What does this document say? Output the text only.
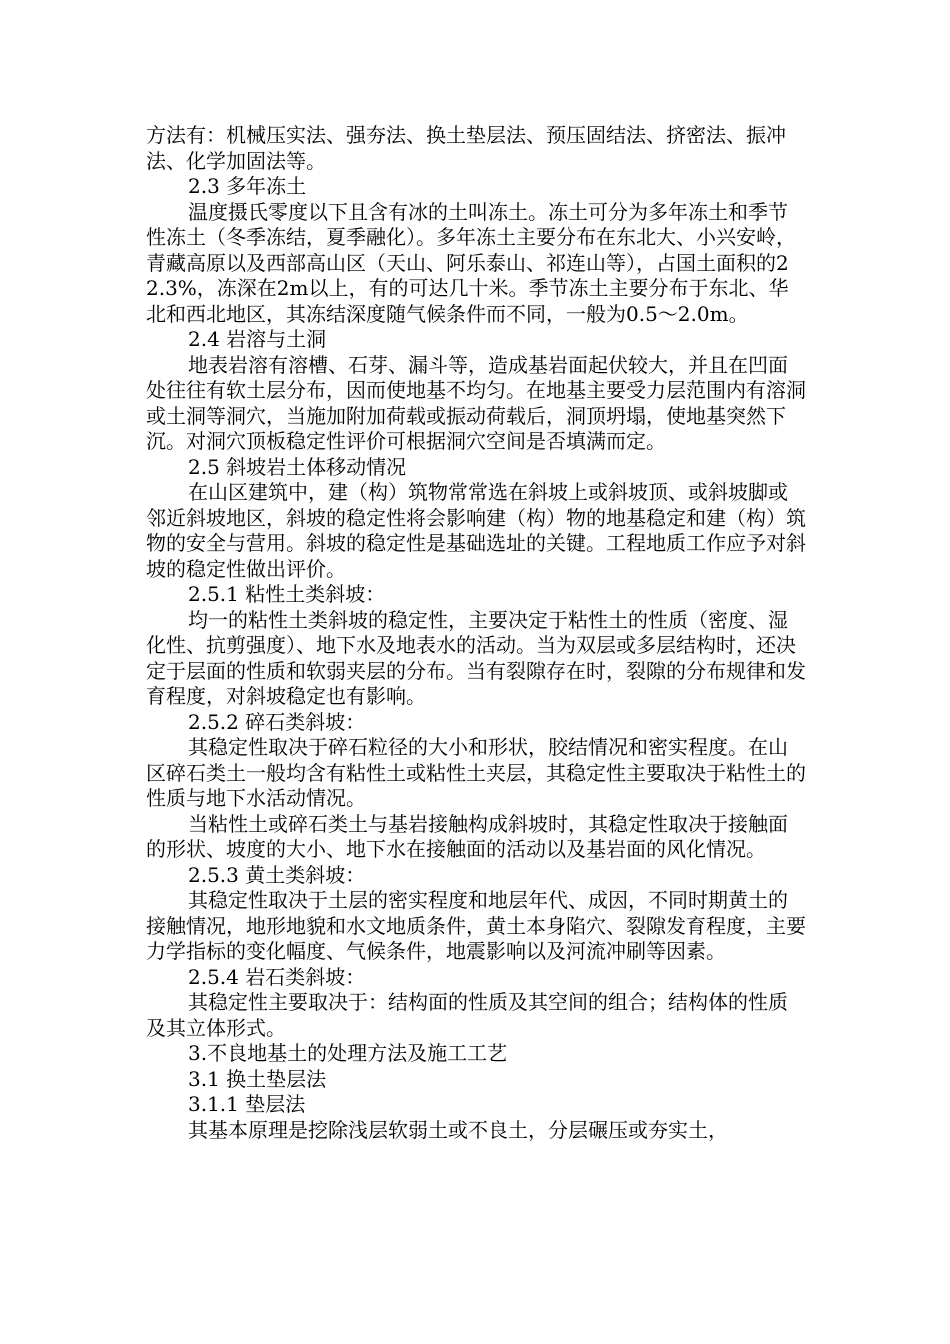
方法有：机械压实法、强夯法、换土垫层法、预压固结法、挤密法、振冲法、化学加固法等。

2.3 多年冻土

温度摄氏零度以下且含有冰的土叫冻土。冻土可分为多年冻土和季节性冻土（冬季冻结，夏季融化）。多年冻土主要分布在东北大、小兴安岭，青藏高原以及西部高山区（天山、阿乐泰山、祁连山等），占国土面积的22.3%，冻深在2m以上，有的可达几十米。季节冻土主要分布于东北、华北和西北地区，其冻结深度随气候条件而不同，一般为0.5～2.0m。

2.4 岩溶与土洞

地表岩溶有溶槽、石芽、漏斗等，造成基岩面起伏较大，并且在凹面处往往有软土层分布，因而使地基不均匀。在地基主要受力层范围内有溶洞或土洞等洞穴，当施加附加荷载或振动荷载后，洞顶坍塌，使地基突然下沉。对洞穴顶板稳定性评价可根据洞穴空间是否填满而定。

2.5 斜坡岩土体移动情况

在山区建筑中，建（构）筑物常常选在斜坡上或斜坡顶、或斜坡脚或邻近斜坡地区，斜坡的稳定性将会影响建（构）物的地基稳定和建（构）筑物的安全与营用。斜坡的稳定性是基础选址的关键。工程地质工作应予对斜坡的稳定性做出评价。

2.5.1 粘性土类斜坡：

均一的粘性土类斜坡的稳定性，主要决定于粘性土的性质（密度、湿化性、抗剪强度）、地下水及地表水的活动。当为双层或多层结构时，还决定于层面的性质和软弱夹层的分布。当有裂隙存在时，裂隙的分布规律和发育程度，对斜坡稳定也有影响。

2.5.2 碎石类斜坡：

其稳定性取决于碎石粒径的大小和形状，胶结情况和密实程度。在山区碎石类土一般均含有粘性土或粘性土夹层，其稳定性主要取决于粘性土的性质与地下水活动情况。

当粘性土或碎石类土与基岩接触构成斜坡时，其稳定性取决于接触面的形状、坡度的大小、地下水在接触面的活动以及基岩面的风化情况。

2.5.3 黄土类斜坡：

其稳定性取决于土层的密实程度和地层年代、成因，不同时期黄土的接触情况，地形地貌和水文地质条件，黄土本身陷穴、裂隙发育程度，主要力学指标的变化幅度、气候条件，地震影响以及河流冲刷等因素。

2.5.4 岩石类斜坡：

其稳定性主要取决于：结构面的性质及其空间的组合；结构体的性质及其立体形式。

3.不良地基土的处理方法及施工工艺

3.1 换土垫层法

3.1.1 垫层法

其基本原理是挖除浅层软弱土或不良土，分层碾压或夯实土，
